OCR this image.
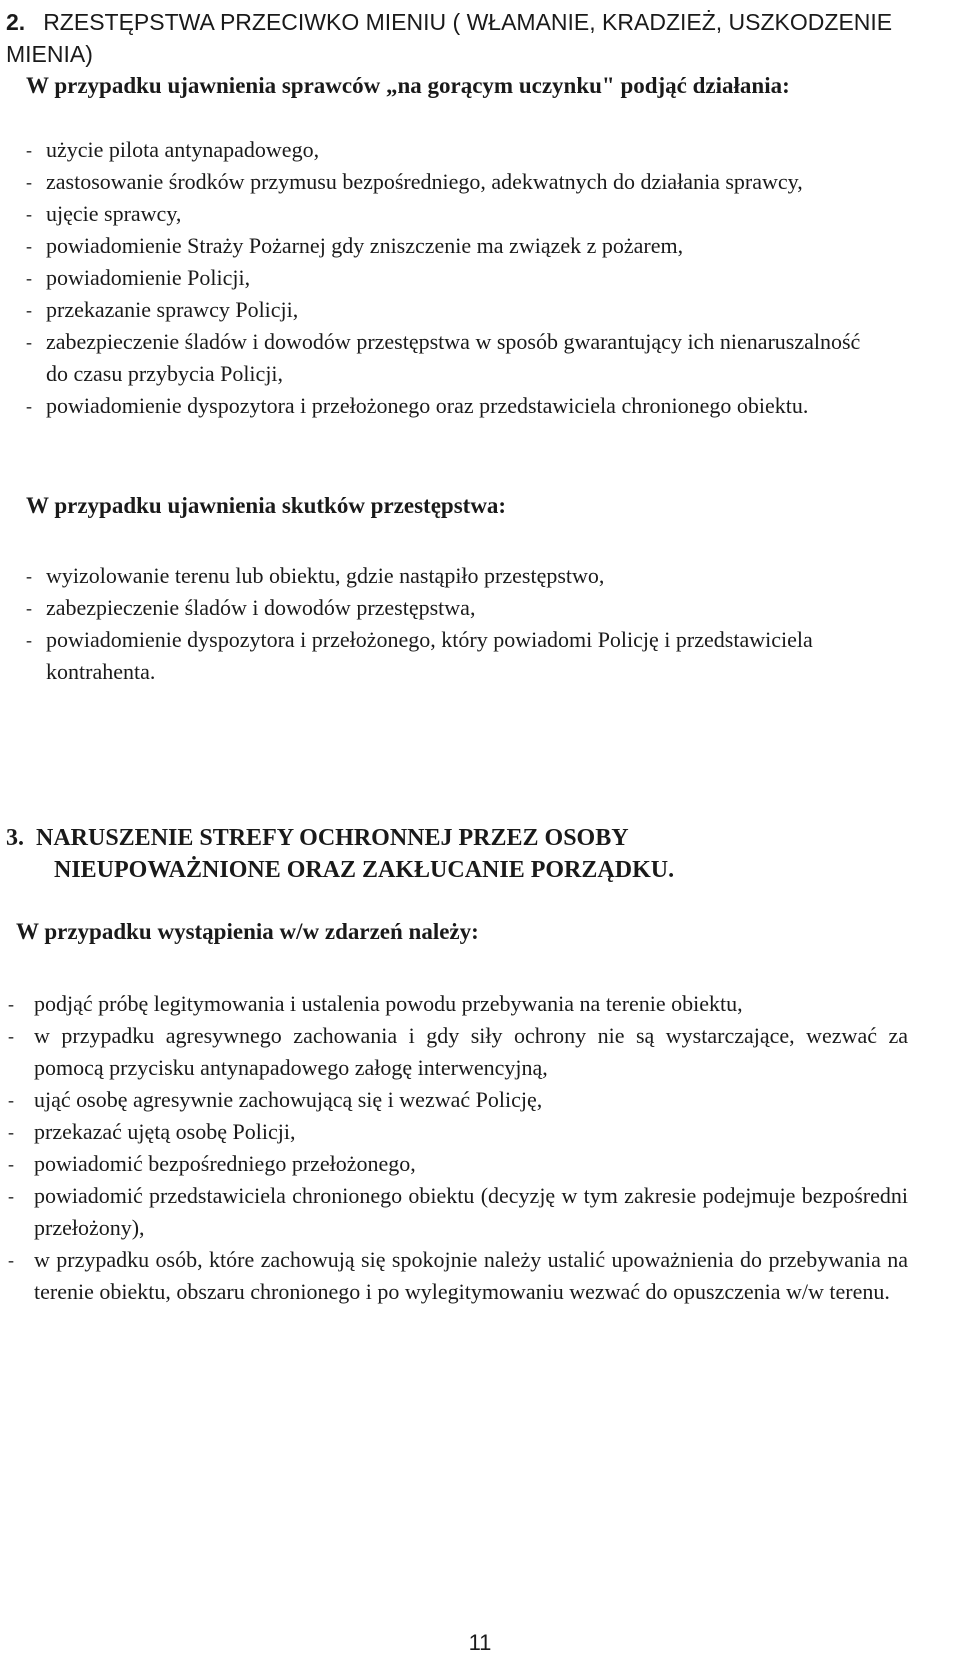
2. RZESTĘPSTWA PRZECIWKO MIENIU ( WŁAMANIE, KRADZIEŻ, USZKODZENIE MIENIA)

W przypadku ujawnienia sprawców „na gorącym uczynku" podjąć działania:

- użycie pilota antynapadowego,
- zastosowanie środków przymusu bezpośredniego, adekwatnych do działania sprawcy,
- ujęcie sprawcy,
- powiadomienie Straży Pożarnej gdy zniszczenie ma związek z pożarem,
- powiadomienie Policji,
- przekazanie sprawcy Policji,
- zabezpieczenie śladów i dowodów przestępstwa w sposób gwarantujący ich nienaruszalność do czasu przybycia Policji,
- powiadomienie dyspozytora i przełożonego oraz przedstawiciela chronionego obiektu.

W przypadku ujawnienia skutków przestępstwa:

- wyizolowanie terenu lub obiektu, gdzie nastąpiło przestępstwo,
- zabezpieczenie śladów i dowodów przestępstwa,
- powiadomienie dyspozytora i przełożonego, który powiadomi Policję i przedstawiciela kontrahenta.
3. NARUSZENIE STREFY OCHRONNEJ PRZEZ OSOBY
NIEUPOWAŻNIONE ORAZ ZAKŁUCANIE PORZĄDKU.

W przypadku wystąpienia w/w zdarzeń należy:

- podjąć próbę legitymowania i ustalenia powodu przebywania na terenie obiektu,
- w przypadku agresywnego zachowania i gdy siły ochrony nie są wystarczające, wezwać za pomocą przycisku antynapadowego załogę interwencyjną,
- ująć osobę agresywnie zachowującą się i wezwać Policję,
- przekazać ujętą osobę Policji,
- powiadomić bezpośredniego przełożonego,
- powiadomić przedstawiciela chronionego obiektu (decyzję w tym zakresie podejmuje bezpośredni przełożony),
- w przypadku osób, które zachowują się spokojnie należy ustalić upoważnienia do przebywania na terenie obiektu, obszaru chronionego i po wylegitymowaniu wezwać do opuszczenia w/w terenu.
11
